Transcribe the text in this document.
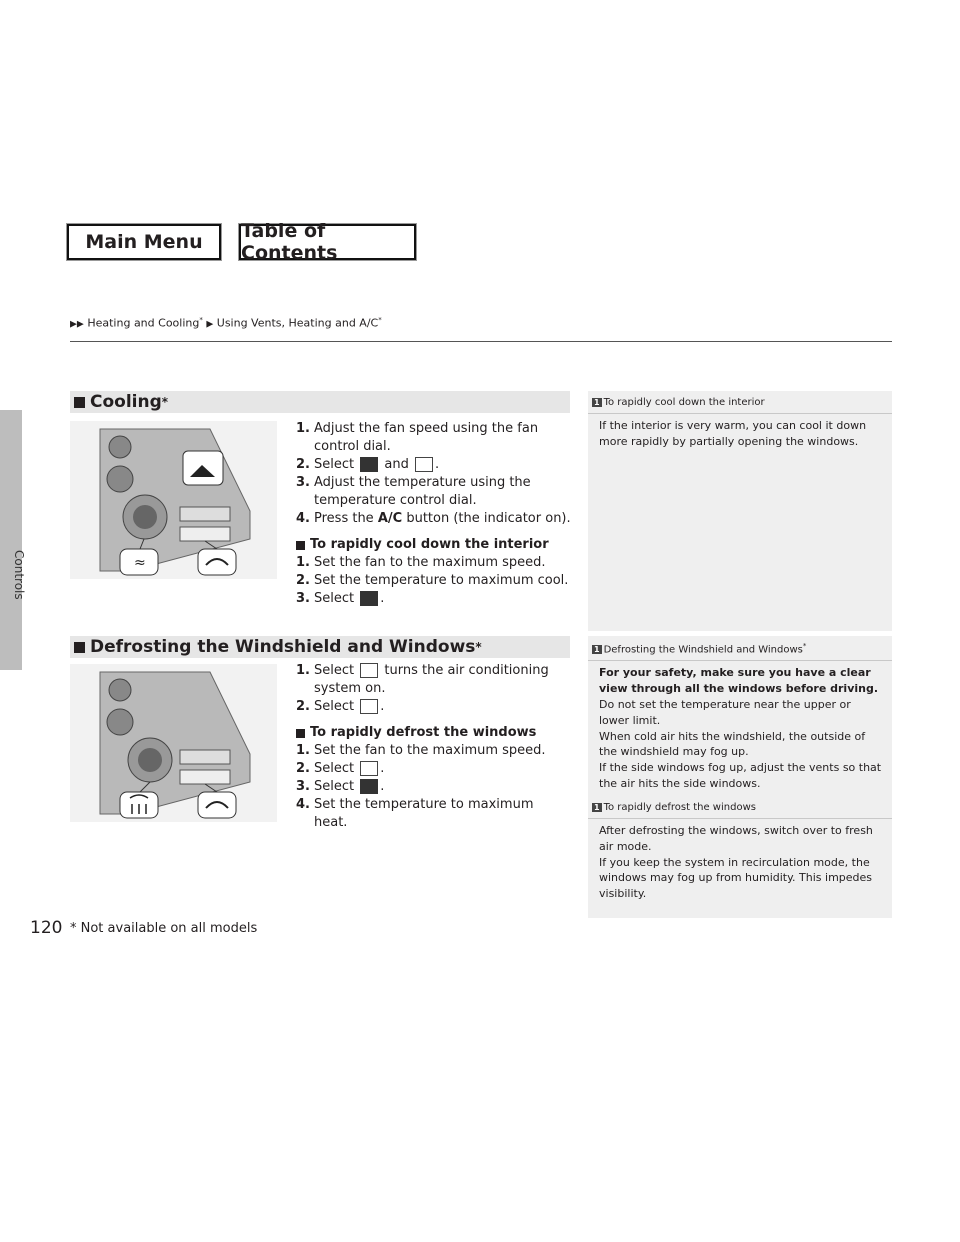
Main Menu	Table of Contents
Controls
▶▶ Heating and Cooling* ▶ Using Vents, Heating and A/C*
Cooling *
≈
1. Adjust the fan speed using the fan control dial.
2. Select and .
3. Adjust the temperature using the temperature control dial.
4. Press the A/C button (the indicator on).
To rapidly cool down the interior
1. Set the fan to the maximum speed.
2. Set the temperature to maximum cool.
3. Select .
Defrosting the Windshield and Windows *
1. Select turns the air conditioning system on.
2. Select .
To rapidly defrost the windows
1. Set the fan to the maximum speed.
2. Select .
3. Select .
4. Set the temperature to maximum heat.
1 To rapidly cool down the interior
If the interior is very warm, you can cool it down more rapidly by partially opening the windows.
1 Defrosting the Windshield and Windows*
For your safety, make sure you have a clear view through all the windows before driving.
Do not set the temperature near the upper or lower limit.
When cold air hits the windshield, the outside of the windshield may fog up.
If the side windows fog up, adjust the vents so that the air hits the side windows.
1 To rapidly defrost the windows
After defrosting the windows, switch over to fresh air mode.
If you keep the system in recirculation mode, the windows may fog up from humidity. This impedes visibility.
120 * Not available on all models
